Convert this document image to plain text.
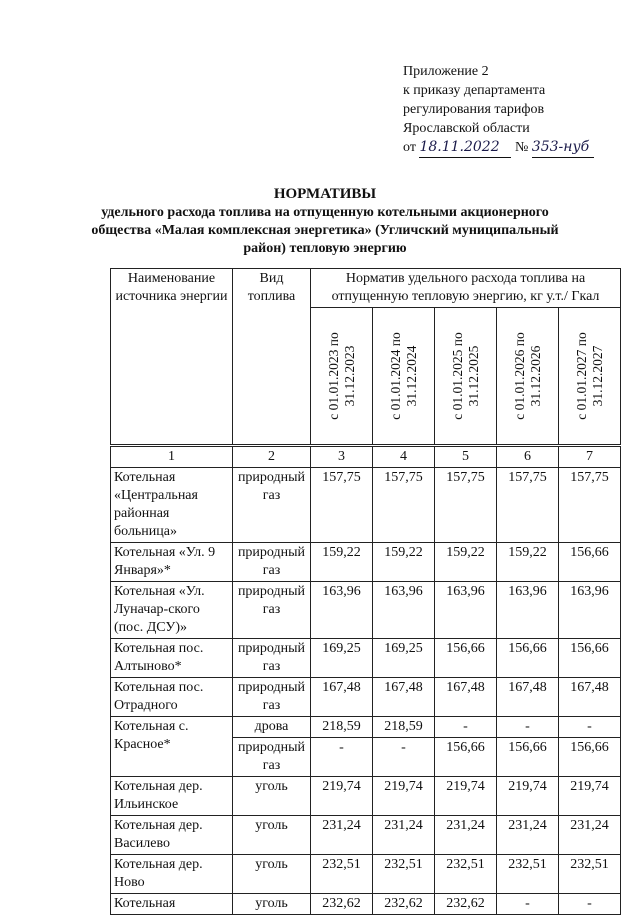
Приложение 2
к приказу департамента
регулирования тарифов
Ярославской области
от 18.11.2022 № 353-нуб
НОРМАТИВЫ
удельного расхода топлива на отпущенную котельными акционерного общества «Малая комплексная энергетика» (Угличский муниципальный район) тепловую энергию
Наименование источника энергии	Вид топлива	Норматив удельного расхода топлива на отпущенную тепловую энергию, кг у.т./ Гкал				

		с 01.01.2023 по 31.12.2023	с 01.01.2024 по 31.12.2024	с 01.01.2025 по 31.12.2025	с 01.01.2026 по 31.12.2026	с 01.01.2027 по 31.12.2027

1	2	3	4	5	6	7
Котельная «Центральная районная больница»	природный газ	157,75	157,75	157,75	157,75	157,75
Котельная «Ул. 9 Января»*	природный газ	159,22	159,22	159,22	159,22	156,66
Котельная «Ул. Луначар-ского (пос. ДСУ)»	природный газ	163,96	163,96	163,96	163,96	163,96
Котельная пос. Алтыново*	природный газ	169,25	169,25	156,66	156,66	156,66
Котельная пос. Отрадного	природный газ	167,48	167,48	167,48	167,48	167,48
Котельная с. Красное*	дрова	218,59	218,59	-	-	-
	природный газ	-	-	156,66	156,66	156,66
Котельная дер. Ильинское	уголь	219,74	219,74	219,74	219,74	219,74
Котельная дер. Василево	уголь	231,24	231,24	231,24	231,24	231,24
Котельная дер. Ново	уголь	232,51	232,51	232,51	232,51	232,51
Котельная	уголь	232,62	232,62	232,62	-	-
